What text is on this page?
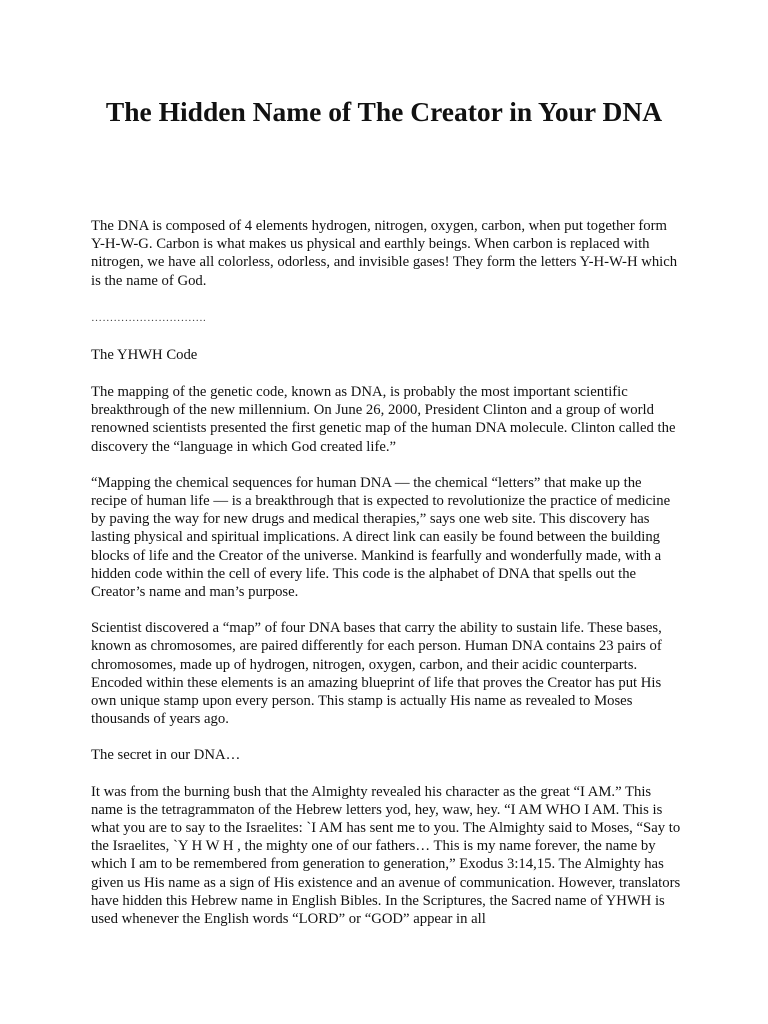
The Hidden Name of The Creator in Your DNA

The DNA is composed of 4 elements hydrogen, nitrogen, oxygen, carbon, when put together form Y-H-W-G. Carbon is what makes us physical and earthly beings. When carbon is replaced with nitrogen, we have all colorless, odorless, and invisible gases! They form the letters Y-H-W-H which is the name of God.

………………………….

The YHWH Code

The mapping of the genetic code, known as DNA, is probably the most important scientific breakthrough of the new millennium. On June 26, 2000, President Clinton and a group of world renowned scientists presented the first genetic map of the human DNA molecule. Clinton called the discovery the “language in which God created life.”

“Mapping the chemical sequences for human DNA — the chemical “letters” that make up the recipe of human life — is a breakthrough that is expected to revolutionize the practice of medicine by paving the way for new drugs and medical therapies,” says one web site. This discovery has lasting physical and spiritual implications. A direct link can easily be found between the building blocks of life and the Creator of the universe. Mankind is fearfully and wonderfully made, with a hidden code within the cell of every life. This code is the alphabet of DNA that spells out the Creator’s name and man’s purpose.

Scientist discovered a “map” of four DNA bases that carry the ability to sustain life. These bases, known as chromosomes, are paired differently for each person. Human DNA contains 23 pairs of chromosomes, made up of hydrogen, nitrogen, oxygen, carbon, and their acidic counterparts. Encoded within these elements is an amazing blueprint of life that proves the Creator has put His own unique stamp upon every person. This stamp is actually His name as revealed to Moses thousands of years ago.

The secret in our DNA…

It was from the burning bush that the Almighty revealed his character as the great “I AM.” This name is the tetragrammaton of the Hebrew letters yod, hey, waw, hey. “I AM WHO I AM. This is what you are to say to the Israelites: `I AM has sent me to you. The Almighty said to Moses, “Say to the Israelites, `Y H W H , the mighty one of our fathers… This is my name forever, the name by which I am to be remembered from generation to generation,” Exodus 3:14,15. The Almighty has given us His name as a sign of His existence and an avenue of communication. However, translators have hidden this Hebrew name in English Bibles. In the Scriptures, the Sacred name of YHWH is used whenever the English words “LORD” or “GOD” appear in all
